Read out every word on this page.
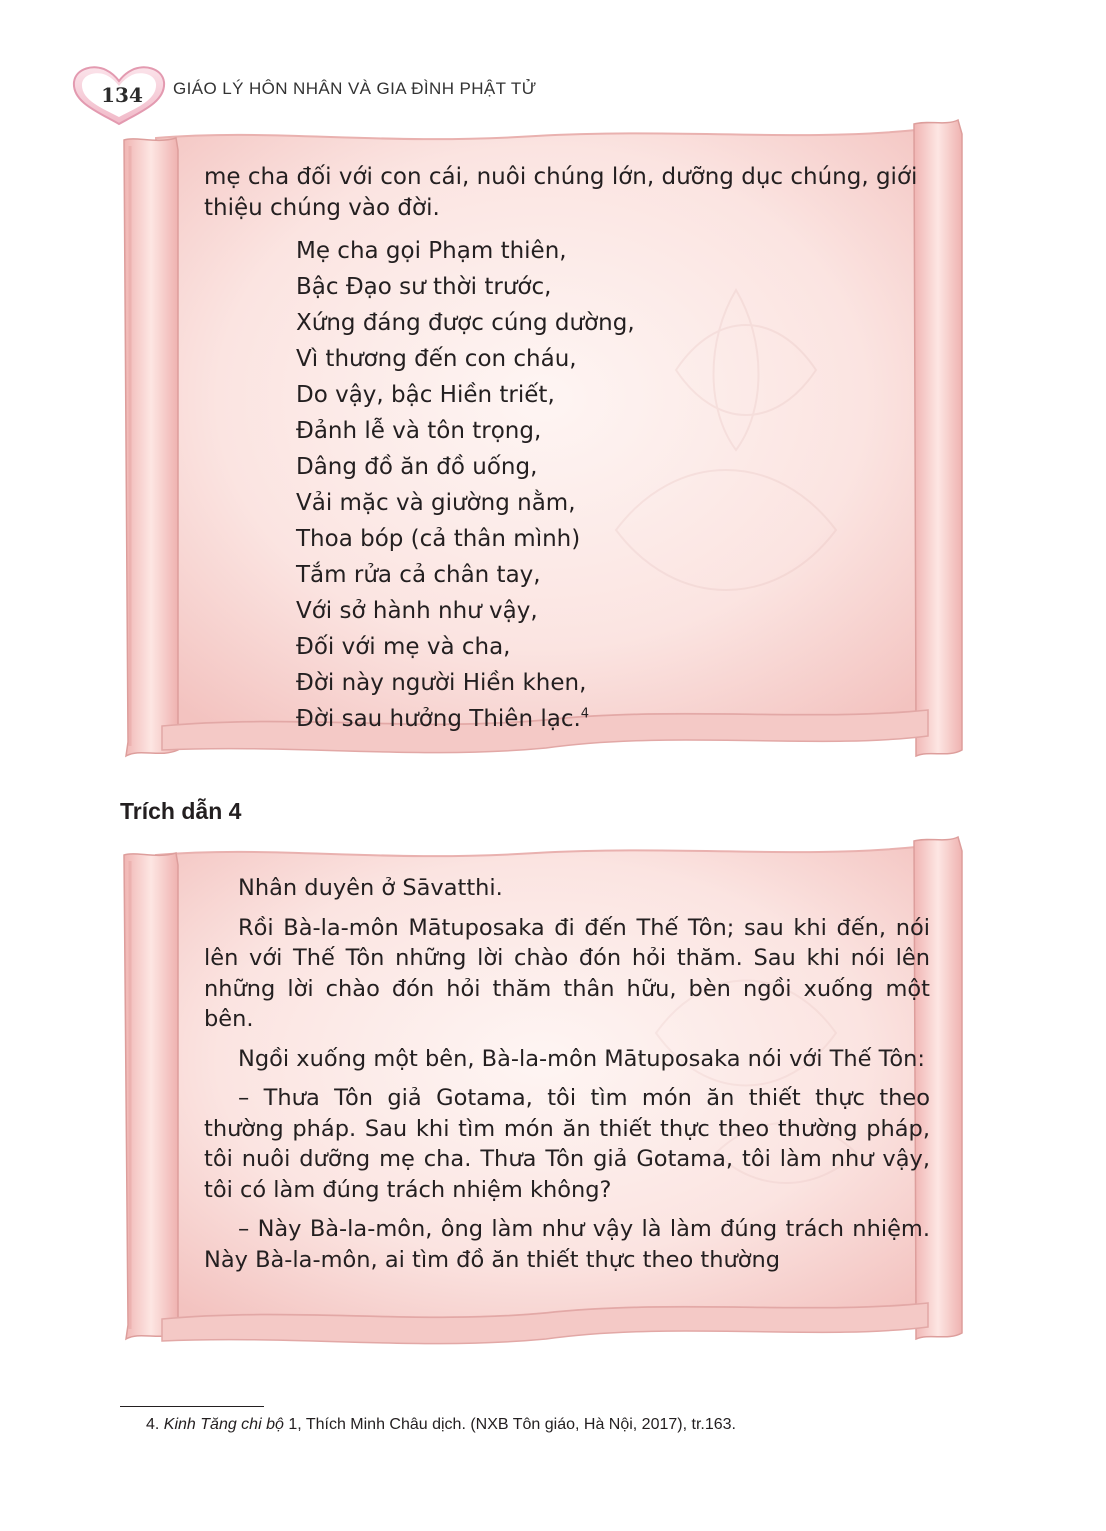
134	GIÁO LÝ HÔN NHÂN VÀ GIA ĐÌNH PHẬT TỬ

mẹ cha đối với con cái, nuôi chúng lớn, dưỡng dục chúng, giới thiệu chúng vào đời.

Mẹ cha gọi Phạm thiên,
Bậc Đạo sư thời trước,
Xứng đáng được cúng dường,
Vì thương đến con cháu,
Do vậy, bậc Hiền triết,
Đảnh lễ và tôn trọng,
Dâng đồ ăn đồ uống,
Vải mặc và giường nằm,
Thoa bóp (cả thân mình)
Tắm rửa cả chân tay,
Với sở hành như vậy,
Đối với mẹ và cha,
Đời này người Hiền khen,
Đời sau hưởng Thiên lạc.$^4$
Trích dẫn 4

Nhân duyên ở Sāvatthi.

Rồi Bà-la-môn Mātuposaka đi đến Thế Tôn; sau khi đến, nói lên với Thế Tôn những lời chào đón hỏi thăm. Sau khi nói lên những lời chào đón hỏi thăm thân hữu, bèn ngồi xuống một bên.

Ngồi xuống một bên, Bà-la-môn Mātuposaka nói với Thế Tôn:

– Thưa Tôn giả Gotama, tôi tìm món ăn thiết thực theo thường pháp. Sau khi tìm món ăn thiết thực theo thường pháp, tôi nuôi dưỡng mẹ cha. Thưa Tôn giả Gotama, tôi làm như vậy, tôi có làm đúng trách nhiệm không?

– Này Bà-la-môn, ông làm như vậy là làm đúng trách nhiệm. Này Bà-la-môn, ai tìm đồ ăn thiết thực theo thường

4. Kinh Tăng chi bộ 1, Thích Minh Châu dịch. (NXB Tôn giáo, Hà Nội, 2017), tr.163.
